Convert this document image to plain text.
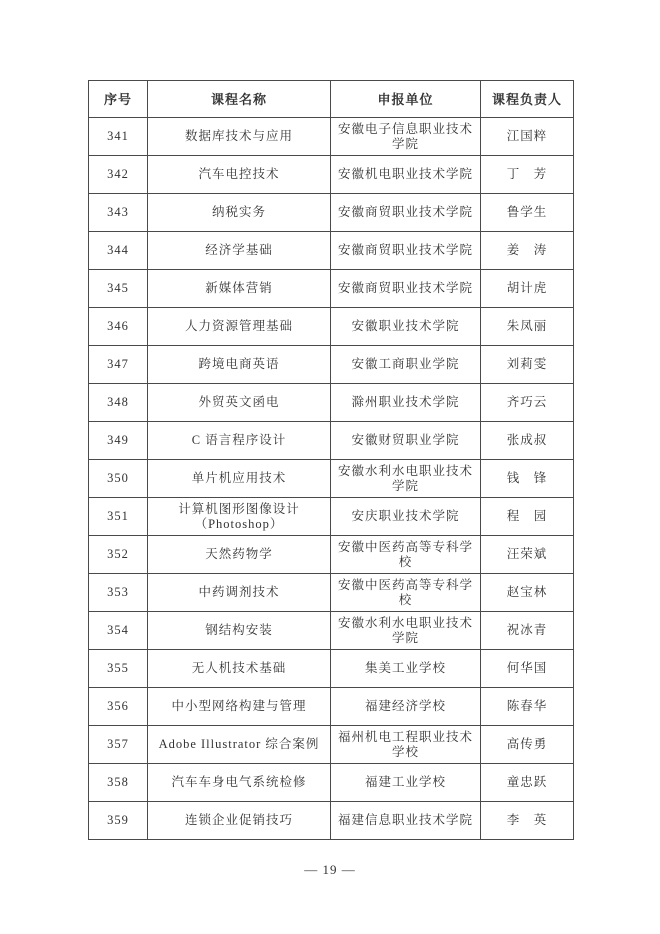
序号	课程名称	申报单位	课程负责人
341	数据库技术与应用	安徽电子信息职业技术学院	江国粹
342	汽车电控技术	安徽机电职业技术学院	丁　芳
343	纳税实务	安徽商贸职业技术学院	鲁学生
344	经济学基础	安徽商贸职业技术学院	姜　涛
345	新媒体营销	安徽商贸职业技术学院	胡计虎
346	人力资源管理基础	安徽职业技术学院	朱凤丽
347	跨境电商英语	安徽工商职业学院	刘莉雯
348	外贸英文函电	滁州职业技术学院	齐巧云
349	C 语言程序设计	安徽财贸职业学院	张成叔
350	单片机应用技术	安徽水利水电职业技术学院	钱　锋
351	计算机图形图像设计（Photoshop）	安庆职业技术学院	程　园
352	天然药物学	安徽中医药高等专科学校	汪荣斌
353	中药调剂技术	安徽中医药高等专科学校	赵宝林
354	钢结构安装	安徽水利水电职业技术学院	祝冰青
355	无人机技术基础	集美工业学校	何华国
356	中小型网络构建与管理	福建经济学校	陈春华
357	Adobe Illustrator 综合案例	福州机电工程职业技术学校	高传勇
358	汽车车身电气系统检修	福建工业学校	童忠跃
359	连锁企业促销技巧	福建信息职业技术学院	李　英
— 19 —
